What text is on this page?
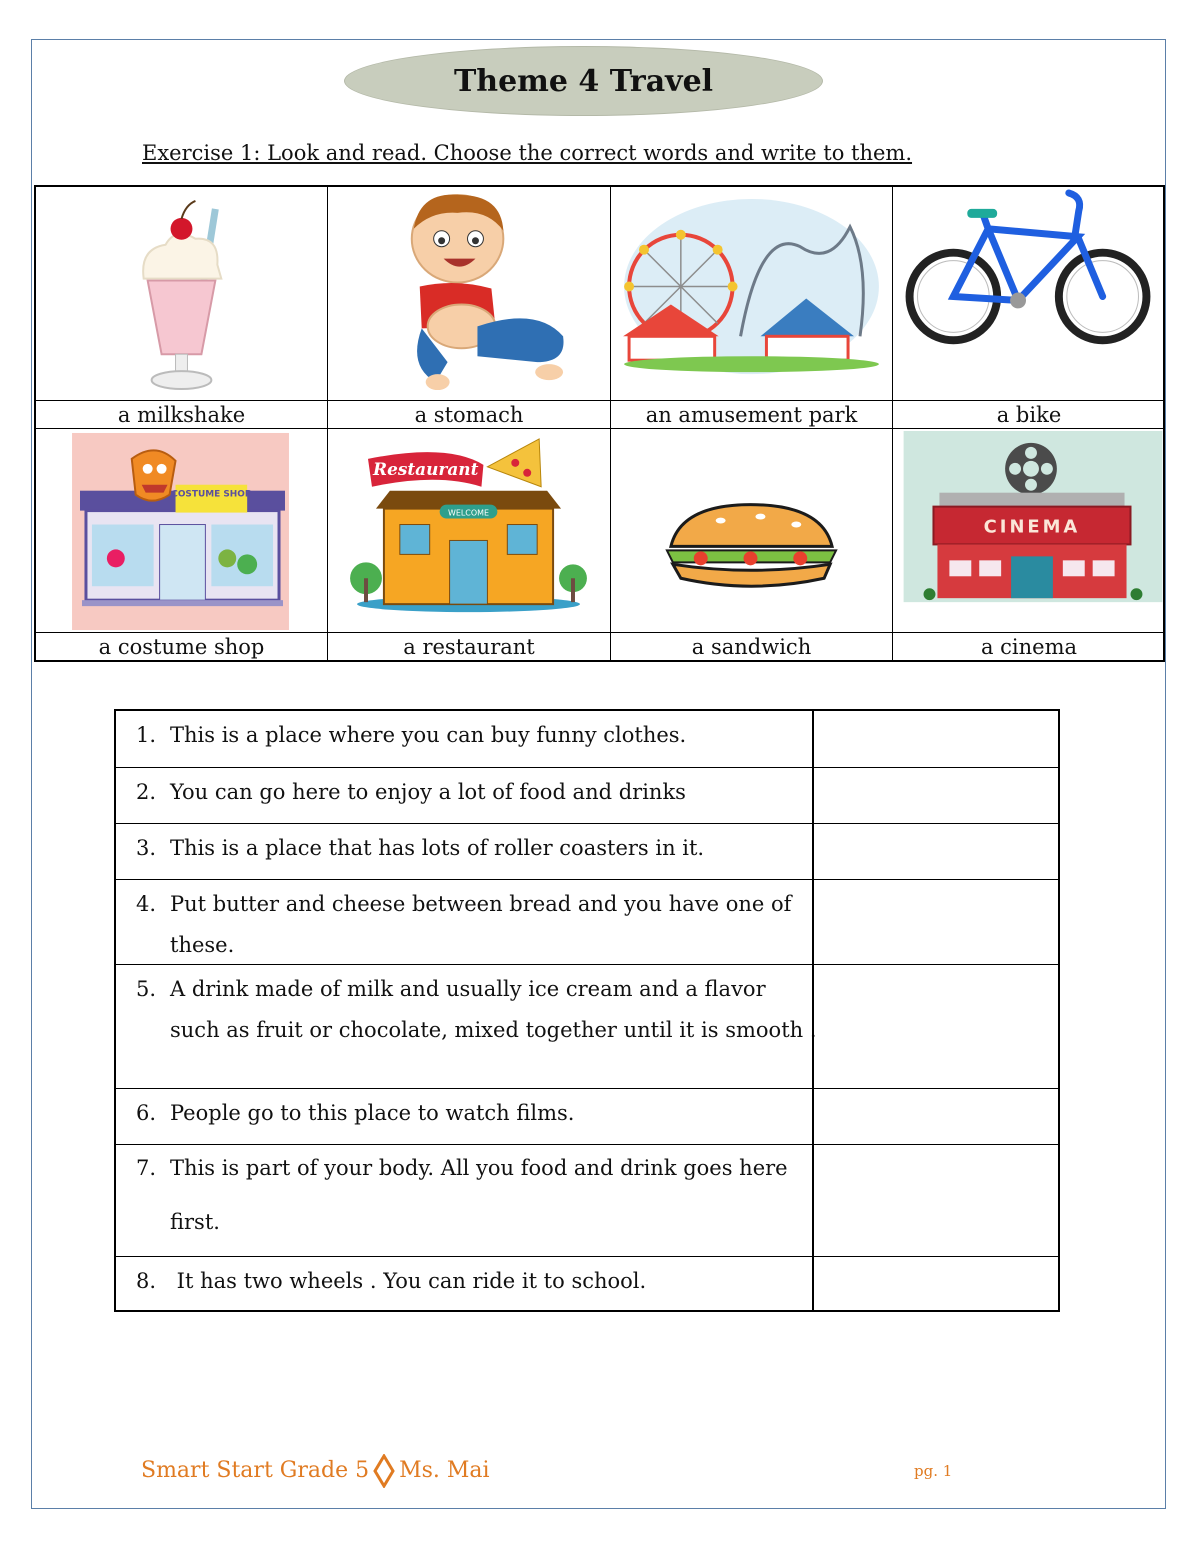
Theme 4 Travel
Exercise 1: Look and read. Choose the correct words and write to them.
a milkshake	a stomach	an amusement park	a bike
COSTUME SHOP
WELCOME
Restaurant
CINEMA
a costume shop	a restaurant	a sandwich	a cinema
1. This is a place where you can buy funny clothes.
2. You can go here to enjoy a lot of food and drinks
3. This is a place that has lots of roller coasters in it.
4. Put butter and cheese between bread and you have one of these.
5. A drink made of milk and usually ice cream and a flavor such as fruit or chocolate, mixed together until it is smooth .
6. People go to this place to watch films.
7. This is part of your body. All you food and drink goes here first.
8. It has two wheels . You can ride it to school.
Smart Start Grade 5 Ms. Mai	pg. 1
